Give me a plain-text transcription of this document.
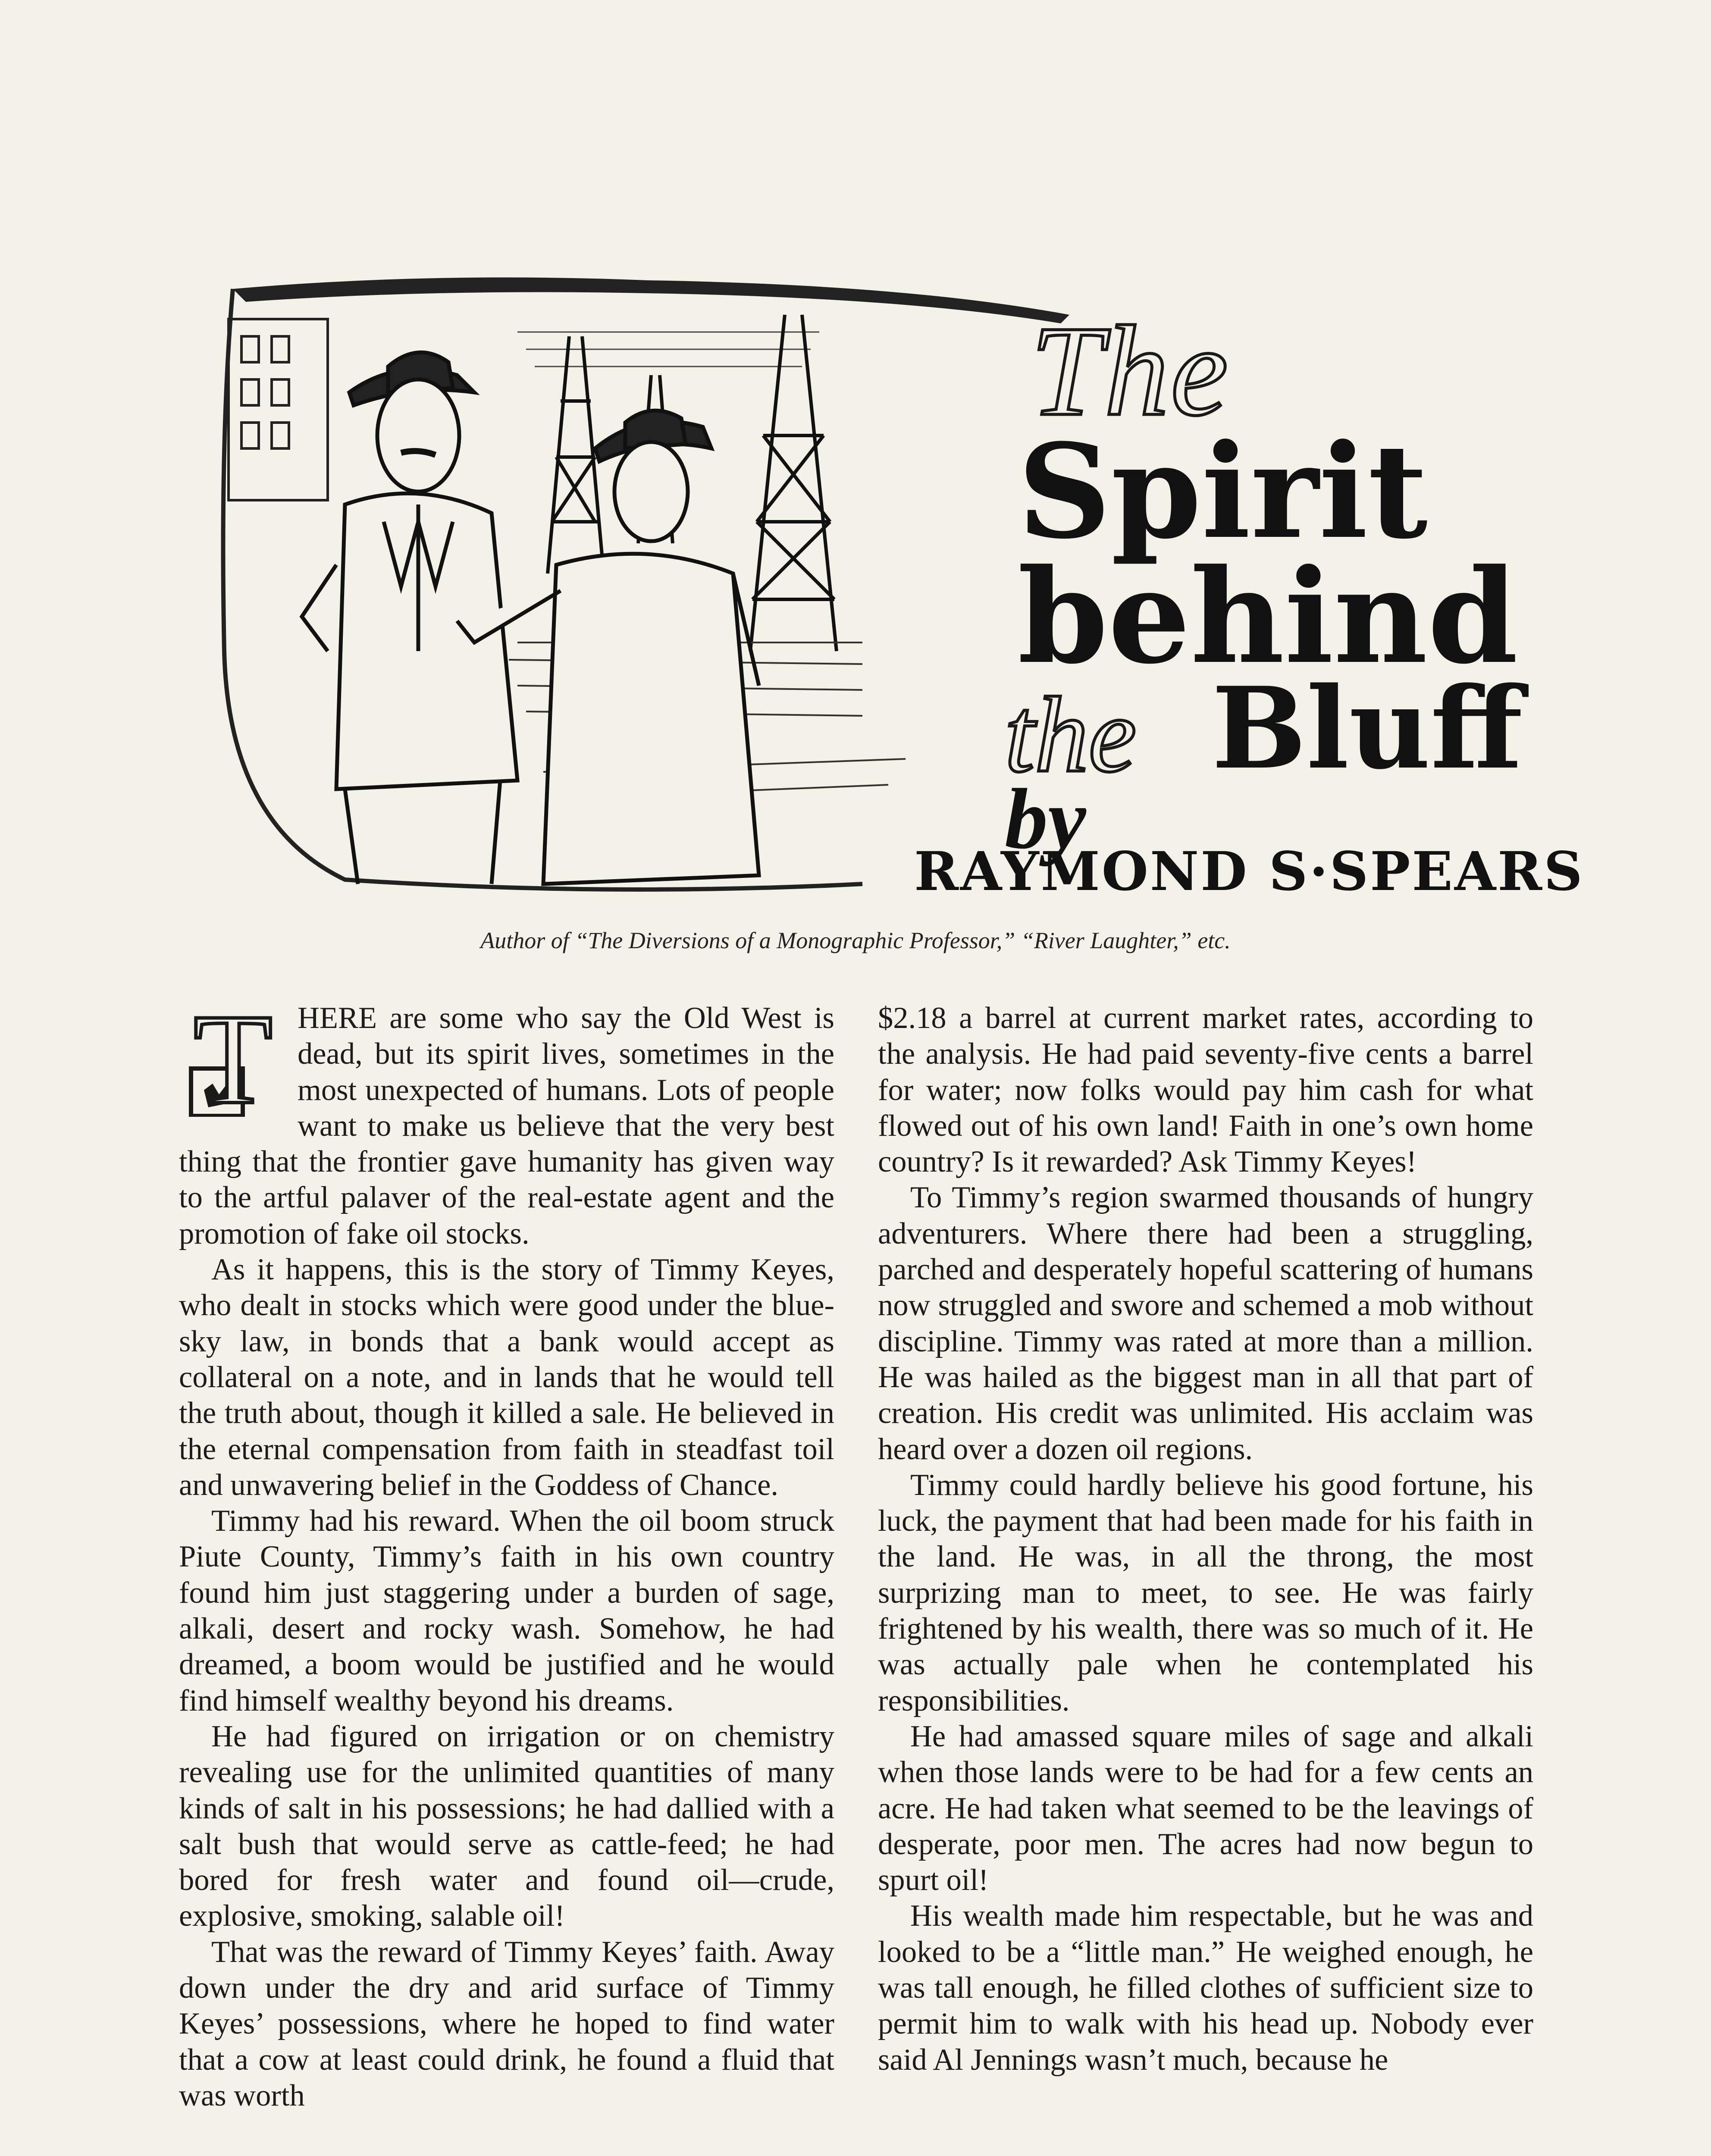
The
Spirit
behind
the Bluff
by
RAYMOND S·SPEARS
Author of “The Diversions of a Monographic Professor,” “River Laughter,” etc.
T HERE are some who say the Old West is dead, but its spirit lives, sometimes in the most unexpected of humans. Lots of people want to make us believe that the very best thing that the frontier gave humanity has given way to the artful palaver of the real-estate agent and the promotion of fake oil stocks.

As it happens, this is the story of Timmy Keyes, who dealt in stocks which were good under the blue-sky law, in bonds that a bank would accept as collateral on a note, and in lands that he would tell the truth about, though it killed a sale. He believed in the eternal compensation from faith in steadfast toil and unwavering belief in the Goddess of Chance.

Timmy had his reward. When the oil boom struck Piute County, Timmy’s faith in his own country found him just staggering under a burden of sage, alkali, desert and rocky wash. Somehow, he had dreamed, a boom would be justified and he would find himself wealthy beyond his dreams.

He had figured on irrigation or on chemistry revealing use for the unlimited quantities of many kinds of salt in his possessions; he had dallied with a salt bush that would serve as cattle-feed; he had bored for fresh water and found oil—crude, explosive, smoking, salable oil!

That was the reward of Timmy Keyes’ faith. Away down under the dry and arid surface of Timmy Keyes’ possessions, where he hoped to find water that a cow at least could drink, he found a fluid that was worth

$2.18 a barrel at current market rates, according to the analysis. He had paid seventy-five cents a barrel for water; now folks would pay him cash for what flowed out of his own land! Faith in one’s own home country? Is it rewarded? Ask Timmy Keyes!

To Timmy’s region swarmed thousands of hungry adventurers. Where there had been a struggling, parched and desperately hopeful scattering of humans now struggled and swore and schemed a mob without discipline. Timmy was rated at more than a million. He was hailed as the biggest man in all that part of creation. His credit was unlimited. His acclaim was heard over a dozen oil regions.

Timmy could hardly believe his good fortune, his luck, the payment that had been made for his faith in the land. He was, in all the throng, the most surprizing man to meet, to see. He was fairly frightened by his wealth, there was so much of it. He was actually pale when he contemplated his responsibilities.

He had amassed square miles of sage and alkali when those lands were to be had for a few cents an acre. He had taken what seemed to be the leavings of desperate, poor men. The acres had now begun to spurt oil!

His wealth made him respectable, but he was and looked to be a “little man.” He weighed enough, he was tall enough, he filled clothes of sufficient size to permit him to walk with his head up. Nobody ever said Al Jennings wasn’t much, because he
